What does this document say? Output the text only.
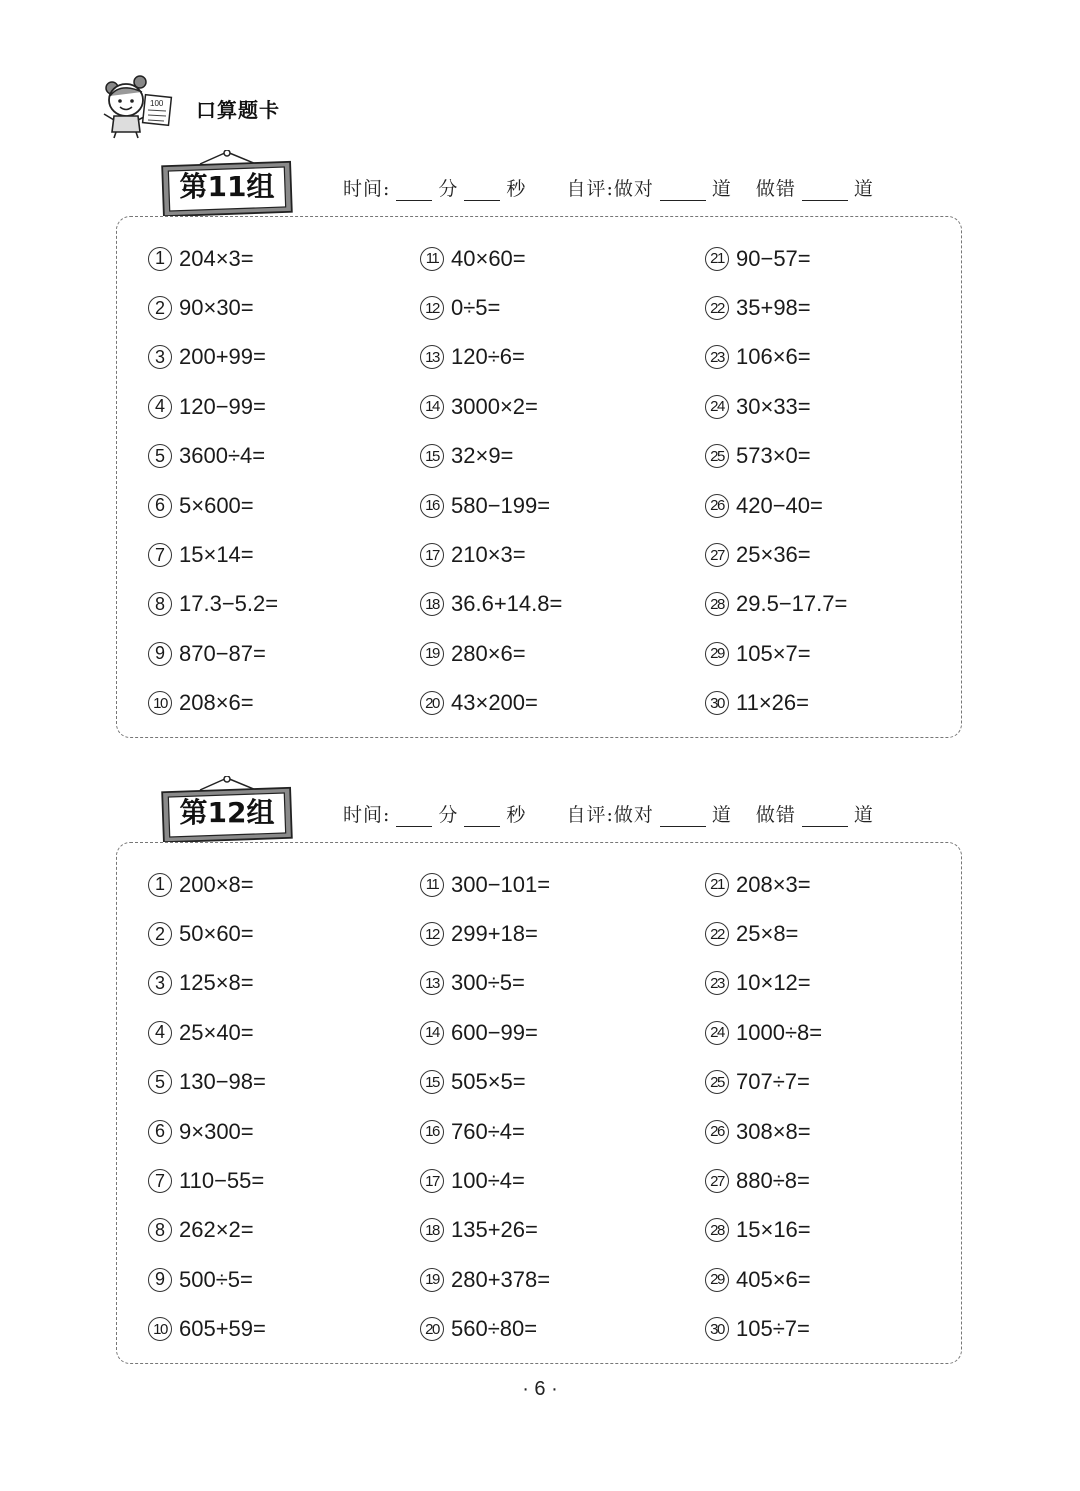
100 口算题卡
第11组	时间:	分	秒 自评:做对	道 做错	道
1 204×3=
2 90×30=
3 200+99=
4 120−99=
5 3600÷4=
6 5×600=
7 15×14=
8 17.3−5.2=
9 870−87=
10 208×6=
11 40×60=
12 0÷5=
13 120÷6=
14 3000×2=
15 32×9=
16 580−199=
17 210×3=
18 36.6+14.8=
19 280×6=
20 43×200=
21 90−57=
22 35+98=
23 106×6=
24 30×33=
25 573×0=
26 420−40=
27 25×36=
28 29.5−17.7=
29 105×7=
30 11×26=
第12组	时间:	分	秒 自评:做对	道 做错	道
1 200×8=
2 50×60=
3 125×8=
4 25×40=
5 130−98=
6 9×300=
7 110−55=
8 262×2=
9 500÷5=
10 605+59=
11 300−101=
12 299+18=
13 300÷5=
14 600−99=
15 505×5=
16 760÷4=
17 100÷4=
18 135+26=
19 280+378=
20 560÷80=
21 208×3=
22 25×8=
23 10×12=
24 1000÷8=
25 707÷7=
26 308×8=
27 880÷8=
28 15×16=
29 405×6=
30 105÷7=
· 6 ·
